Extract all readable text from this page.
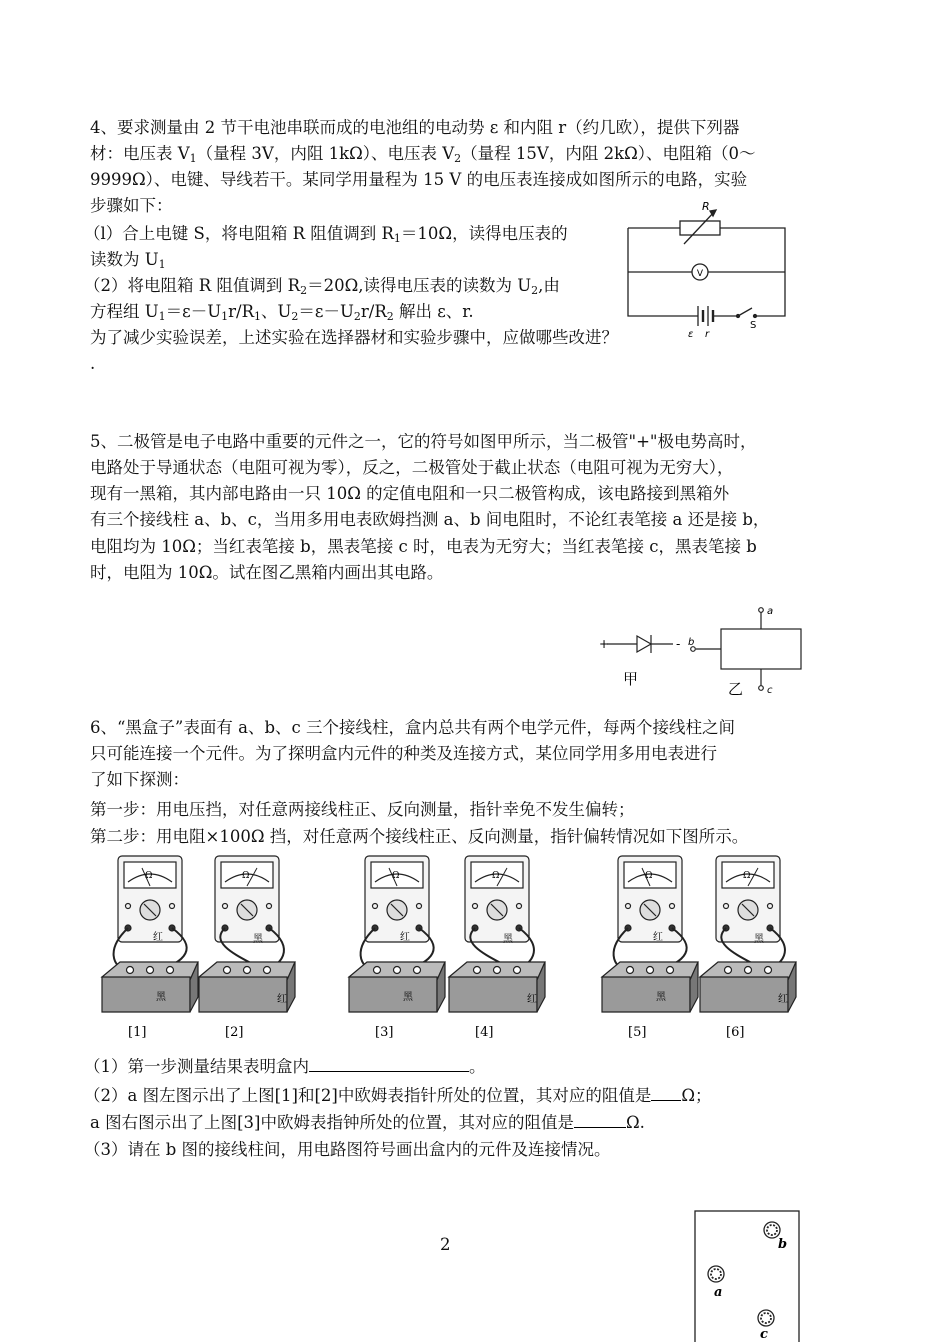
4、要求测量由 2 节干电池串联而成的电池组的电动势 ε 和内阻 r（约几欧），提供下列器
材：电压表 $V_1$（量程 3V，内阻 1kΩ）、电压表 $V_2$（量程 15V，内阻 2kΩ）、电阻箱（0～
9999Ω）、电键、导线若干。某同学用量程为 15 V 的电压表连接成如图所示的电路，实验
步骤如下：
（l）合上电键 S，将电阻箱 R 阻值调到 $R_1=10\Omega$，读得电压表的
读数为 $U_1$
（2）将电阻箱 R 阻值调到 $R_2=20\Omega$,读得电压表的读数为 $U_2$,由
方程组 $U_1=\varepsilon-U_1r/R_1$、$U_2=\varepsilon-U_2r/R_2$ 解出 ε、r.
为了减少实验误差，上述实验在选择器材和实验步骤中，应做哪些改进？
.
R
V
ε r
S
5、二极管是电子电路中重要的元件之一，它的符号如图甲所示，当二极管"+"极电势高时，
电路处于导通状态（电阻可视为零），反之，二极管处于截止状态（电阻可视为无穷大），
现有一黑箱，其内部电路由一只 10Ω 的定值电阻和一只二极管构成，该电路接到黑箱外
有三个接线柱 a、b、c，当用多用电表欧姆挡测 a、b 间电阻时，不论红表笔接 a 还是接 b，
电阻均为 10Ω；当红表笔接 b，黑表笔接 c 时，电表为无穷大；当红表笔接 c，黑表笔接 b
时，电阻为 10Ω。试在图乙黑箱内画出其电路。
+	-
甲
乙
a
b
c
6、“黑盒子”表面有 a、b、c 三个接线柱，盒内总共有两个电学元件，每两个接线柱之间
只可能连接一个元件。为了探明盒内元件的种类及连接方式，某位同学用多用电表进行
了如下探测：
第一步：用电压挡，对任意两接线柱正、反向测量，指针幸免不发生偏转；
第二步：用电阻×100Ω 挡，对任意两个接线柱正、反向测量，指针偏转情况如下图所示。
Ω
红
黑
[1]
Ω
红
黑
[2]
Ω
红
黑
[3]
Ω
红
黑
[4]
Ω
红
黑
[5]
Ω
红
黑
[6]
（1）第一步测量结果表明盒内	。
（2）a 图左图示出了上图[1]和[2]中欧姆表指针所处的位置，其对应的阻值是 Ω；
a 图右图示出了上图[3]中欧姆表指钟所处的位置，其对应的阻值是	Ω.
（3）请在 b 图的接线柱间，用电路图符号画出盒内的元件及连接情况。
2	b
a
c
